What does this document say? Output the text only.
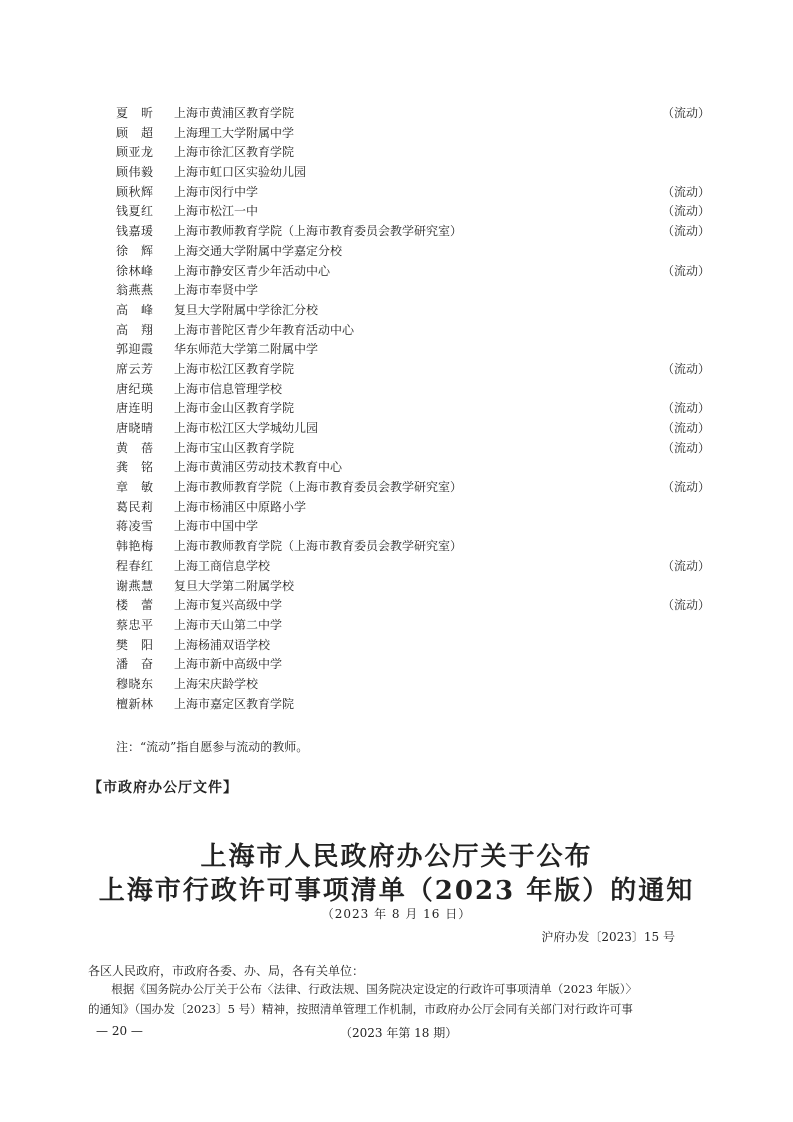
夏　昕	上海市黄浦区教育学院	（流动）
顾　超	上海理工大学附属中学
顾亚龙	上海市徐汇区教育学院
顾伟毅	上海市虹口区实验幼儿园
顾秋辉	上海市闵行中学	（流动）
钱夏红	上海市松江一中	（流动）
钱嘉瑗	上海市教师教育学院（上海市教育委员会教学研究室）	（流动）
徐　辉	上海交通大学附属中学嘉定分校
徐林峰	上海市静安区青少年活动中心	（流动）
翁燕燕	上海市奉贤中学
高　峰	复旦大学附属中学徐汇分校
高　翔	上海市普陀区青少年教育活动中心
郭迎霞	华东师范大学第二附属中学
席云芳	上海市松江区教育学院	（流动）
唐纪瑛	上海市信息管理学校
唐连明	上海市金山区教育学院	（流动）
唐晓晴	上海市松江区大学城幼儿园	（流动）
黄　蓓	上海市宝山区教育学院	（流动）
龚　铭	上海市黄浦区劳动技术教育中心
章　敏	上海市教师教育学院（上海市教育委员会教学研究室）	（流动）
葛民莉	上海市杨浦区中原路小学
蒋凌雪	上海市中国中学
韩艳梅	上海市教师教育学院（上海市教育委员会教学研究室）
程春红	上海工商信息学校	（流动）
谢燕慧	复旦大学第二附属学校
楼　蕾	上海市复兴高级中学	（流动）
蔡忠平	上海市天山第二中学
樊　阳	上海杨浦双语学校
潘　奋	上海市新中高级中学
穆晓东	上海宋庆龄学校
檀新林	上海市嘉定区教育学院
注：“流动”指自愿参与流动的教师。
【市政府办公厅文件】
上海市人民政府办公厅关于公布
上海市行政许可事项清单（2023 年版）的通知
（2023 年 8 月 16 日）
沪府办发〔2023〕15 号
各区人民政府，市政府各委、办、局，各有关单位：
根据《国务院办公厅关于公布〈法律、行政法规、国务院决定设定的行政许可事项清单（2023 年版）〉
的通知》（国办发〔2023〕5 号）精神，按照清单管理工作机制，市政府办公厅会同有关部门对行政许可事
— 20 —	（2023 年第 18 期）
